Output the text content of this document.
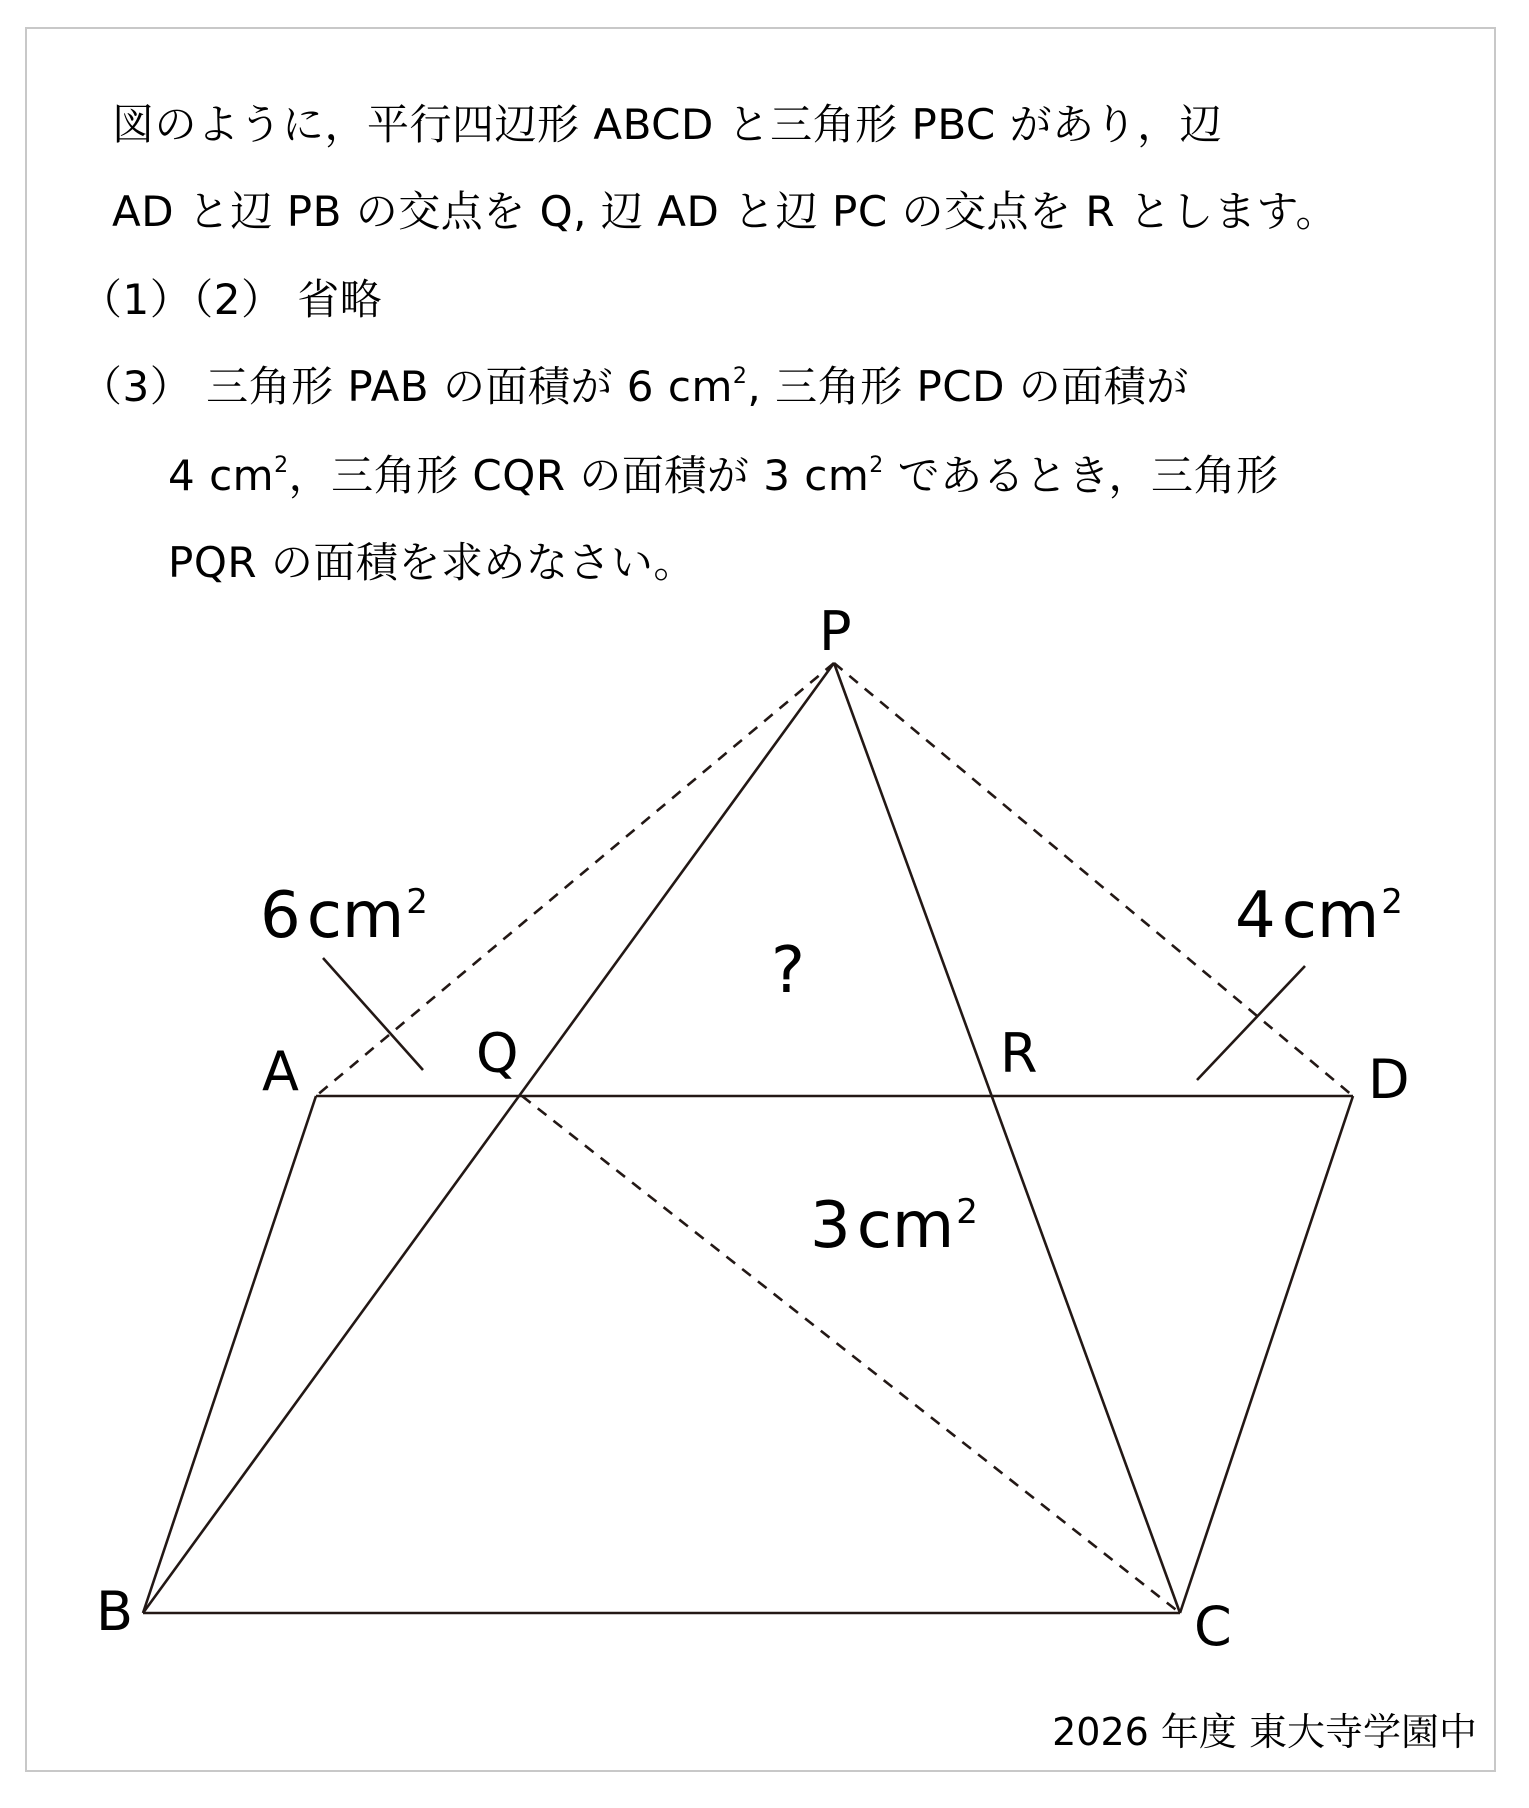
図のように，平行四辺形 ABCD と三角形 PBC があり，辺
AD と辺 PB の交点を Q, 辺 AD と辺 PC の交点を R とします。
（1）（2） 省略
（3） 三角形 PAB の面積が 6 $cm^2$, 三角形 PCD の面積が
4 $cm^2$，三角形 CQR の面積が 3 $cm^2$ であるとき，三角形
PQR の面積を求めなさい。
P
A	Q	R	D
B	C
$6cm^2$	$4cm^2$
$3cm^2$
?
2026 年度 東大寺学園中
